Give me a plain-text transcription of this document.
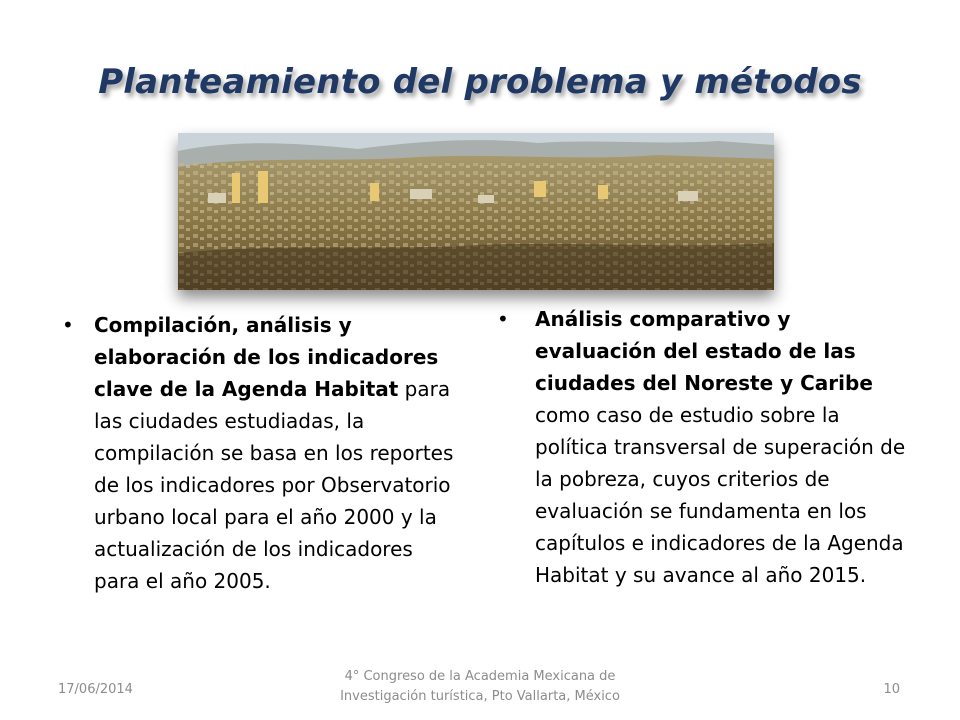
Planteamiento del problema y métodos
•	Compilación, análisis y elaboración de los indicadores clave de la Agenda Habitat para las ciudades estudiadas, la compilación se basa en los reportes de los indicadores por Observatorio urbano local para el año 2000 y la actualización de los indicadores para el año 2005.
•	Análisis comparativo y evaluación del estado de las ciudades del Noreste y Caribe como caso de estudio sobre la política transversal de superación de la pobreza, cuyos criterios de evaluación se fundamenta en los capítulos e indicadores de la Agenda Habitat y su avance al año 2015.
17/06/2014
4° Congreso de la Academia Mexicana de Investigación turística, Pto Vallarta, México	10
